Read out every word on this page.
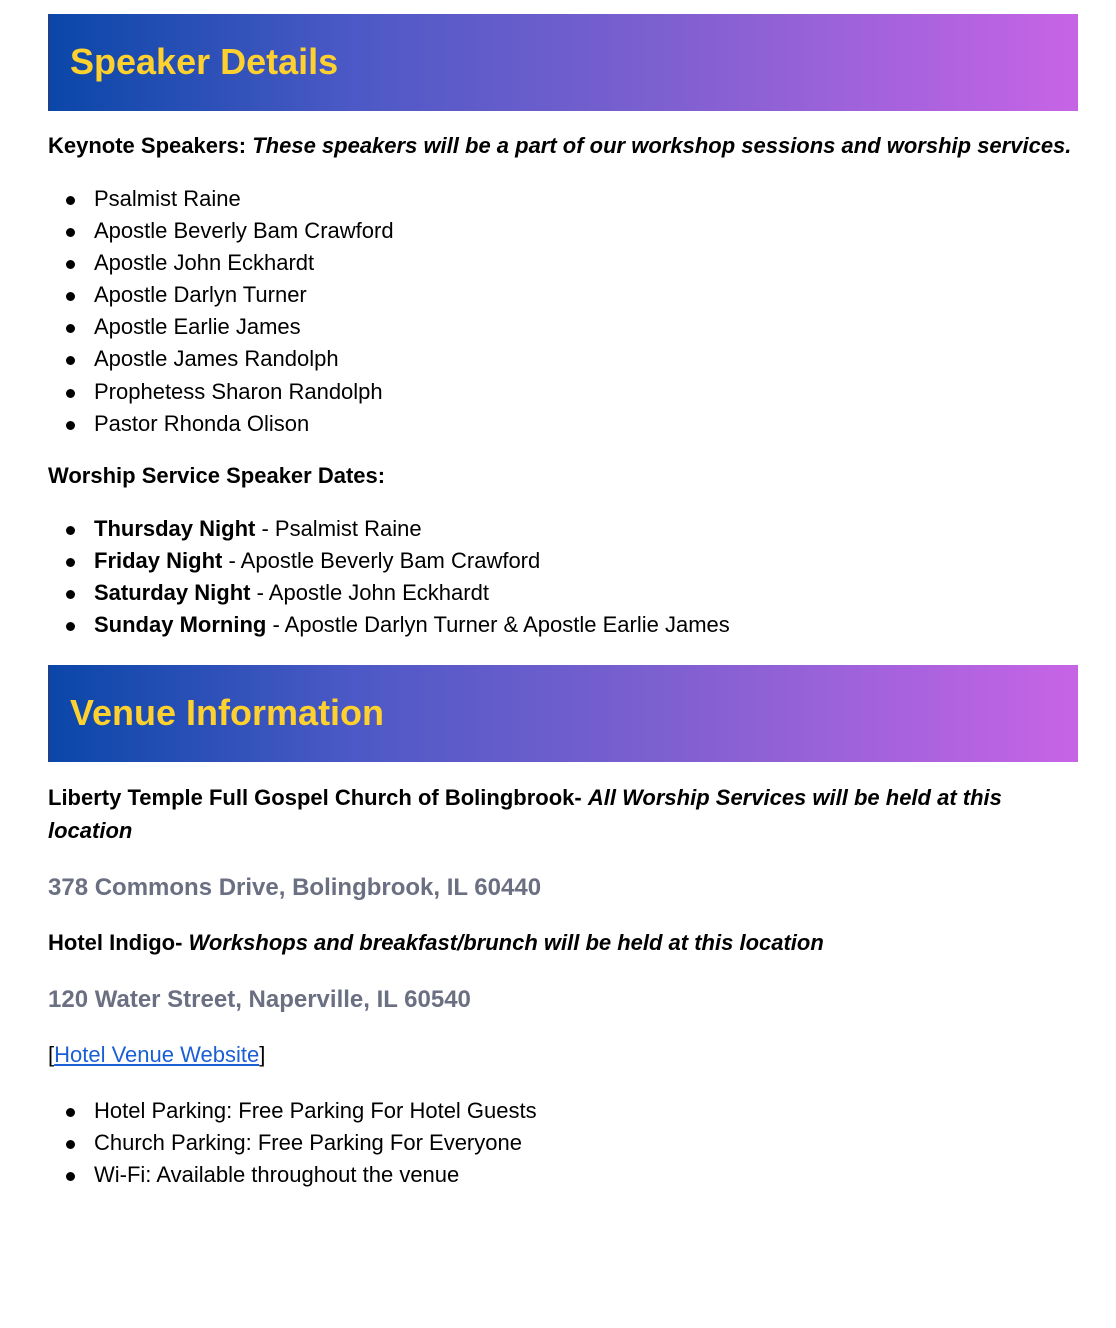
Speaker Details

Keynote Speakers: These speakers will be a part of our workshop sessions and worship services.

Psalmist Raine
Apostle Beverly Bam Crawford
Apostle John Eckhardt
Apostle Darlyn Turner
Apostle Earlie James
Apostle James Randolph
Prophetess Sharon Randolph
Pastor Rhonda Olison

Worship Service Speaker Dates:

Thursday Night - Psalmist Raine
Friday Night - Apostle Beverly Bam Crawford
Saturday Night - Apostle John Eckhardt
Sunday Morning - Apostle Darlyn Turner & Apostle Earlie James
Venue Information

Liberty Temple Full Gospel Church of Bolingbrook- All Worship Services will be held at this location

378 Commons Drive, Bolingbrook, IL 60440

Hotel Indigo- Workshops and breakfast/brunch will be held at this location

120 Water Street, Naperville, IL 60540

[Hotel Venue Website]

Hotel Parking: Free Parking For Hotel Guests
Church Parking: Free Parking For Everyone
Wi-Fi: Available throughout the venue
